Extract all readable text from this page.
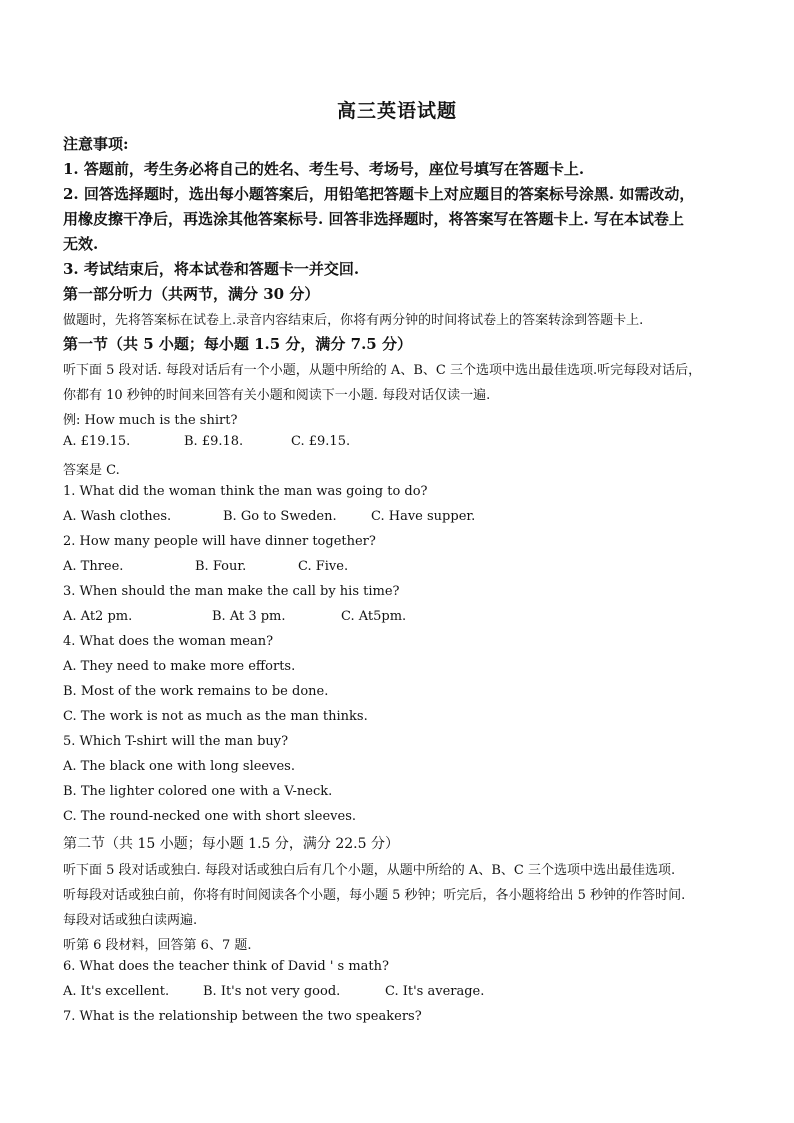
高三英语试题
注意事项:
1. 答题前，考生务必将自己的姓名、考生号、考场号，座位号填写在答题卡上.
2. 回答选择题时，选出每小题答案后，用铅笔把答题卡上对应题目的答案标号涂黑. 如需改动，
用橡皮擦干净后，再选涂其他答案标号. 回答非选择题时，将答案写在答题卡上. 写在本试卷上
无效.
3. 考试结束后，将本试卷和答题卡一并交回.
第一部分听力（共两节，满分 30 分）
做题时，先将答案标在试卷上.录音内容结束后，你将有两分钟的时间将试卷上的答案转涂到答题卡上.
第一节（共 5 小题；每小题 1.5 分，满分 7.5 分）
听下面 5 段对话. 每段对话后有一个小题，从题中所给的 A、B、C 三个选项中选出最佳选项.听完每段对话后，
你都有 10 秒钟的时间来回答有关小题和阅读下一小题. 每段对话仅读一遍.
例: How much is the shirt?
A. £19.15.	B. £9.18.	C. £9.15.
答案是 C.
1. What did the woman think the man was going to do?
A. Wash clothes.	B. Go to Sweden.	C. Have supper.
2. How many people will have dinner together?
A. Three.	B. Four.	C. Five.
3. When should the man make the call by his time?
A. At2 pm.	B. At 3 pm.	C. At5pm.
4. What does the woman mean?
A. They need to make more efforts.
B. Most of the work remains to be done.
C. The work is not as much as the man thinks.
5. Which T-shirt will the man buy?
A. The black one with long sleeves.
B. The lighter colored one with a V-neck.
C. The round-necked one with short sleeves.
第二节（共 15 小题；每小题 1.5 分，满分 22.5 分）
听下面 5 段对话或独白. 每段对话或独白后有几个小题，从题中所给的 A、B、C 三个选项中选出最佳选项.
听每段对话或独白前，你将有时间阅读各个小题，每小题 5 秒钟；听完后，各小题将给出 5 秒钟的作答时间.
每段对话或独白读两遍.
听第 6 段材料，回答第 6、7 题.
6. What does the teacher think of David ' s math?
A. It's excellent.	B. It's not very good.	C. It's average.
7. What is the relationship between the two speakers?
